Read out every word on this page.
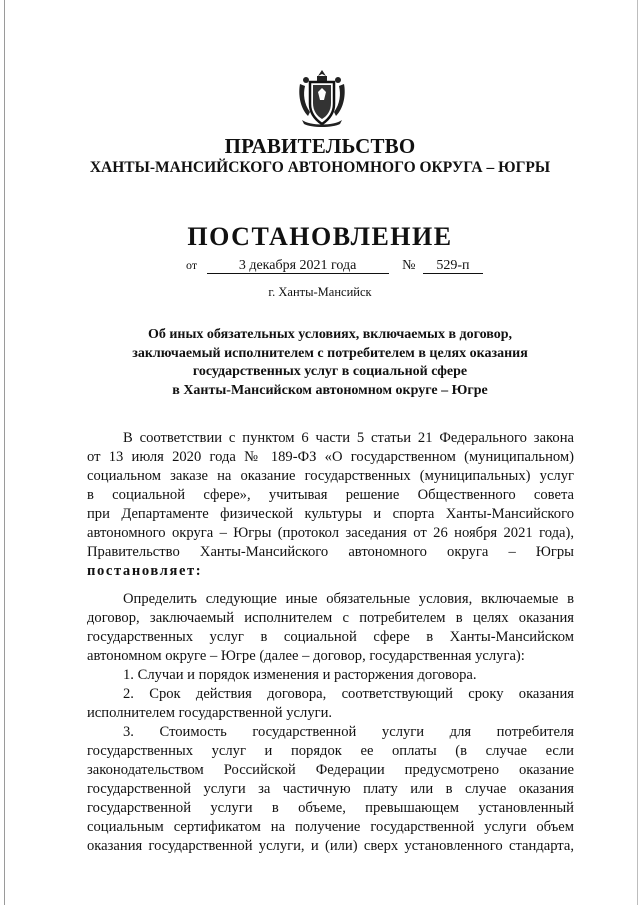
ПРАВИТЕЛЬСТВО
ХАНТЫ-МАНСИЙСКОГО АВТОНОМНОГО ОКРУГА – ЮГРЫ
ПОСТАНОВЛЕНИЕ
от	3 декабря 2021 года	№ 529-п
г. Ханты-Мансийск
Об иных обязательных условиях, включаемых в договор,
заключаемый исполнителем с потребителем в целях оказания
государственных услуг в социальной сфере
в Ханты-Мансийском автономном округе – Югре
В соответствии с пунктом 6 части 5 статьи 21 Федерального закона
от 13 июля 2020 года № 189-ФЗ «О государственном (муниципальном)
социальном заказе на оказание государственных (муниципальных) услуг
в социальной сфере», учитывая решение Общественного совета
при Департаменте физической культуры и спорта Ханты-Мансийского
автономного округа – Югры (протокол заседания от 26 ноября 2021 года),
Правительство Ханты-Мансийского автономного округа – Югры
постановляет:
Определить следующие иные обязательные условия, включаемые в
договор, заключаемый исполнителем с потребителем в целях оказания
государственных услуг в социальной сфере в Ханты-Мансийском
автономном округе – Югре (далее – договор, государственная услуга):
1. Случаи и порядок изменения и расторжения договора.
2. Срок действия договора, соответствующий сроку оказания
исполнителем государственной услуги.
3. Стоимость государственной услуги для потребителя
государственных услуг и порядок ее оплаты (в случае если
законодательством Российской Федерации предусмотрено оказание
государственной услуги за частичную плату или в случае оказания
государственной услуги в объеме, превышающем установленный
социальным сертификатом на получение государственной услуги объем
оказания государственной услуги, и (или) сверх установленного стандарта,
